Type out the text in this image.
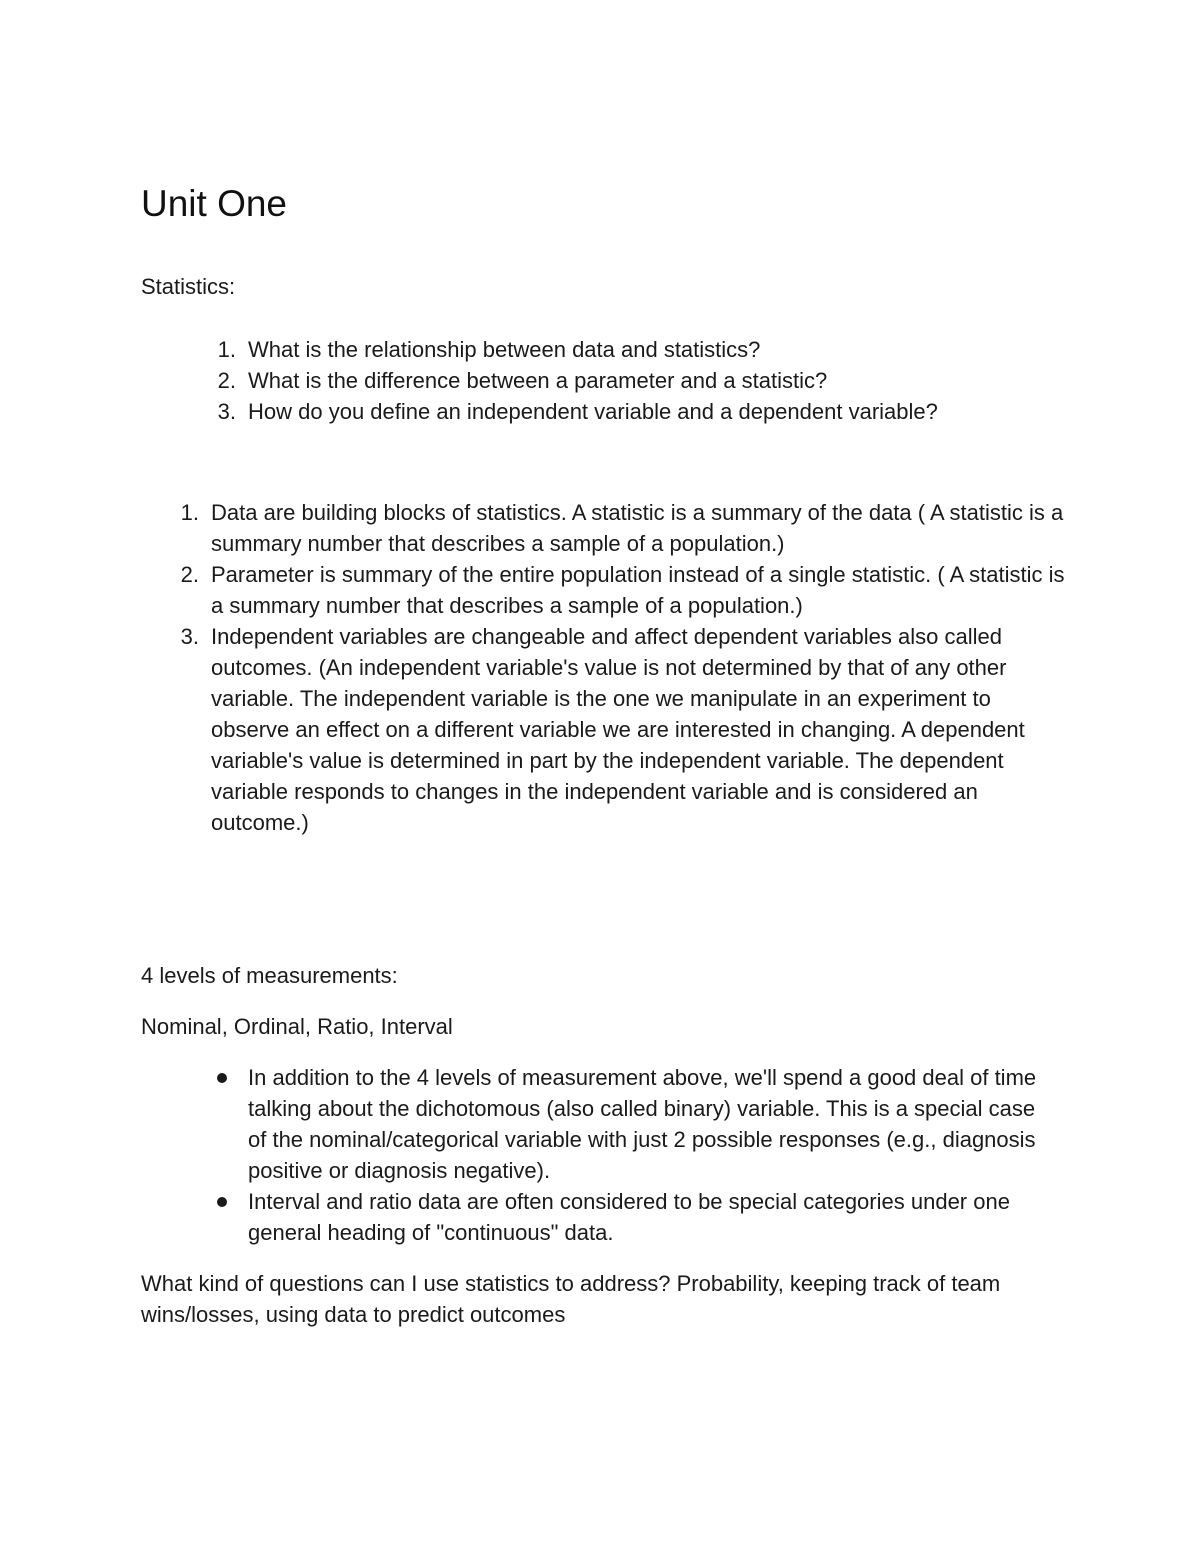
Unit One

Statistics:

1. What is the relationship between data and statistics?
2. What is the difference between a parameter and a statistic?
3. How do you define an independent variable and a dependent variable?
1. Data are building blocks of statistics. A statistic is a summary of the data ( A statistic is a summary number that describes a sample of a population.)
2. Parameter is summary of the entire population instead of a single statistic. ( A statistic is a summary number that describes a sample of a population.)
3. Independent variables are changeable and affect dependent variables also called outcomes. (An independent variable's value is not determined by that of any other variable. The independent variable is the one we manipulate in an experiment to observe an effect on a different variable we are interested in changing. A dependent variable's value is determined in part by the independent variable. The dependent variable responds to changes in the independent variable and is considered an outcome.)

4 levels of measurements:

Nominal, Ordinal, Ratio, Interval

In addition to the 4 levels of measurement above, we'll spend a good deal of time talking about the dichotomous (also called binary) variable. This is a special case of the nominal/categorical variable with just 2 possible responses (e.g., diagnosis positive or diagnosis negative).
Interval and ratio data are often considered to be special categories under one general heading of "continuous" data.

What kind of questions can I use statistics to address? Probability, keeping track of team wins/losses, using data to predict outcomes
